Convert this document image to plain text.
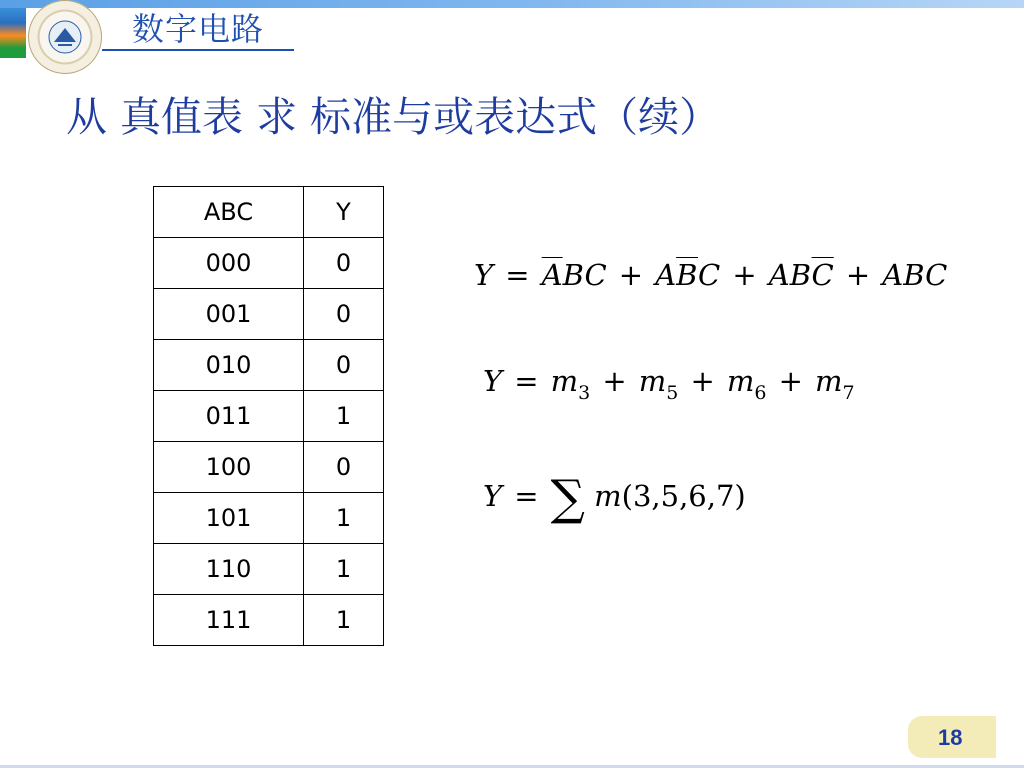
数字电路
从 真值表 求 标准与或表达式（续）
ABC	Y
000	0
001	0
010	0
011	1
100	0
101	1
110	1
111	1
Y  =  $\overline{A}BC$  +  $A\overline{B}C$  +  $AB\overline{C}$  +  ABC
Y  =  $m_3$  +  $m_5$  +  $m_6$  +  $m_7$
Y  =  ∑ m(3,5,6,7)
18
